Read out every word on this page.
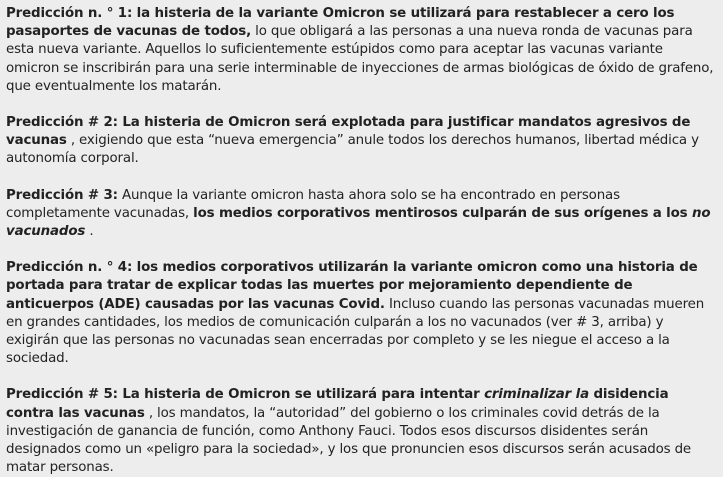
Predicción n. ° 1: la histeria de la variante Omicron se utilizará para restablecer a cero los pasaportes de vacunas de todos, lo que obligará a las personas a una nueva ronda de vacunas para esta nueva variante. Aquellos lo suficientemente estúpidos como para aceptar las vacunas variante omicron se inscribirán para una serie interminable de inyecciones de armas biológicas de óxido de grafeno, que eventualmente los matarán.

Predicción # 2: La histeria de Omicron será explotada para justificar mandatos agresivos de vacunas , exigiendo que esta “nueva emergencia” anule todos los derechos humanos, libertad médica y autonomía corporal.

Predicción # 3: Aunque la variante omicron hasta ahora solo se ha encontrado en personas completamente vacunadas, los medios corporativos mentirosos culparán de sus orígenes a los no vacunados .

Predicción n. ° 4: los medios corporativos utilizarán la variante omicron como una historia de portada para tratar de explicar todas las muertes por mejoramiento dependiente de anticuerpos (ADE) causadas por las vacunas Covid. Incluso cuando las personas vacunadas mueren en grandes cantidades, los medios de comunicación culparán a los no vacunados (ver # 3, arriba) y exigirán que las personas no vacunadas sean encerradas por completo y se les niegue el acceso a la sociedad.

Predicción # 5: La histeria de Omicron se utilizará para intentar criminalizar la disidencia contra las vacunas , los mandatos, la “autoridad” del gobierno o los criminales covid detrás de la investigación de ganancia de función, como Anthony Fauci. Todos esos discursos disidentes serán designados como un «peligro para la sociedad», y los que pronuncien esos discursos serán acusados de matar personas.
